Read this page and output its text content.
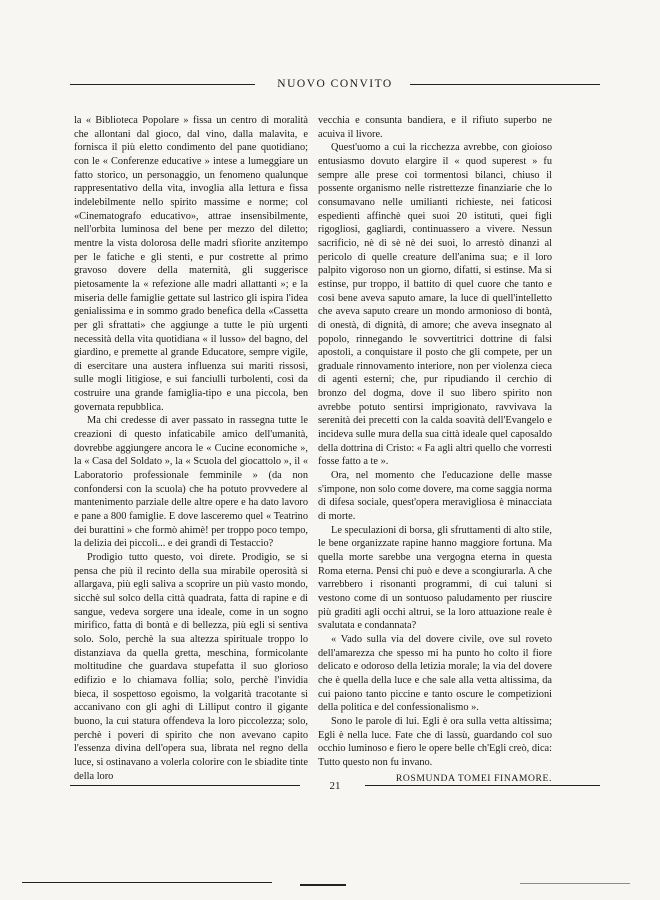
NUOVO CONVITO

la « Biblioteca Popolare » fissa un centro di moralità che allontani dal gioco, dal vino, dalla malavita, e fornisca il più eletto condimento del pane quotidiano; con le « Conferenze educative » intese a lumeggiare un fatto storico, un personaggio, un fenomeno qualunque rappresentativo della vita, invoglia alla lettura e fissa indelebilmente nello spirito massime e norme; col «Cinematografo educativo», attrae insensibilmente, nell'orbita luminosa del bene per mezzo del diletto; mentre la vista dolorosa delle madri sfiorite anzitempo per le fatiche e gli stenti, e pur costrette al primo gravoso dovere della maternità, gli suggerisce pietosamente la « refezione alle madri allattanti »; e la miseria delle famiglie gettate sul lastrico gli ispira l'idea genialissima e in sommo grado benefica della «Cassetta per gli sfrattati» che aggiunge a tutte le più urgenti necessità della vita quotidiana « il lusso» del bagno, del giardino, e premette al grande Educatore, sempre vigile, di esercitare una austera influenza sui mariti rissosi, sulle mogli litigiose, e sui fanciulli turbolenti, così da costruire una grande famiglia-tipo e una piccola, ben governata repubblica.

Ma chi credesse di aver passato in rassegna tutte le creazioni di questo infaticabile amico dell'umanità, dovrebbe aggiungere ancora le « Cucine economiche », la « Casa del Soldato », la « Scuola del giocattolo », il « Laboratorio professionale femminile » (da non confondersi con la scuola) che ha potuto provvedere al mantenimento parziale delle altre opere e ha dato lavoro e pane a 800 famiglie. E dove lasceremo quel « Teatrino dei burattini » che formò ahimè! per troppo poco tempo, la delizia dei piccoli... e dei grandi di Testaccio?

Prodigio tutto questo, voi direte. Prodigio, se si pensa che più il recinto della sua mirabile operosità si allargava, più egli saliva a scoprire un più vasto mondo, sicchè sul solco della città quadrata, fatta di rapine e di sangue, vedeva sorgere una ideale, come in un sogno mirifico, fatta di bontà e di bellezza, più egli si sentiva solo. Solo, perchè la sua altezza spirituale troppo lo distanziava da quella gretta, meschina, formicolante moltitudine che guardava stupefatta il suo glorioso edifizio e lo chiamava follia; solo, perchè l'invidia bieca, il sospettoso egoismo, la volgarità tracotante si accanivano con gli aghi di Lilliput contro il gigante buono, la cui statura offendeva la loro piccolezza; solo, perchè i poveri di spirito che non avevano capito l'essenza divina dell'opera sua, librata nel regno della luce, si ostinavano a volerla colorire con le sbiadite tinte della loro

vecchia e consunta bandiera, e il rifiuto superbo ne acuiva il livore.

Quest'uomo a cui la ricchezza avrebbe, con gioioso entusiasmo dovuto elargire il « quod superest » fu sempre alle prese coi tormentosi bilanci, chiuso il possente organismo nelle ristrettezze finanziarie che lo consumavano nelle umilianti richieste, nei faticosi espedienti affinchè quei suoi 20 istituti, quei figli rigogliosi, gagliardi, continuassero a vivere. Nessun sacrificio, nè di sè nè dei suoi, lo arrestò dinanzi al pericolo di quelle creature dell'anima sua; e il loro palpito vigoroso non un giorno, difatti, si estinse. Ma si estinse, pur troppo, il battito di quel cuore che tanto e così bene aveva saputo amare, la luce di quell'intelletto che aveva saputo creare un mondo armonioso di bontà, di onestà, di dignità, di amore; che aveva insegnato al popolo, rinnegando le sovvertitrici dottrine di falsi apostoli, a conquistare il posto che gli compete, per un graduale rinnovamento interiore, non per violenza cieca di agenti esterni; che, pur ripudiando il cerchio di bronzo del dogma, dove il suo libero spirito non avrebbe potuto sentirsi imprigionato, ravvivava la serenità dei precetti con la calda soavità dell'Evangelo e incideva sulle mura della sua città ideale quel caposaldo della dottrina di Cristo: « Fa agli altri quello che vorresti fosse fatto a te ».

Ora, nel momento che l'educazione delle masse s'impone, non solo come dovere, ma come saggia norma di difesa sociale, quest'opera meravigliosa è minacciata di morte.

Le speculazioni di borsa, gli sfruttamenti di alto stile, le bene organizzate rapine hanno maggiore fortuna. Ma quella morte sarebbe una vergogna eterna in questa Roma eterna. Pensi chi può e deve a scongiurarla. A che varrebbero i risonanti programmi, di cui taluni si vestono come di un sontuoso paludamento per riuscire più graditi agli occhi altrui, se la loro attuazione reale è svalutata e condannata?

« Vado sulla via del dovere civile, ove sul roveto dell'amarezza che spesso mi ha punto ho colto il fiore delicato e odoroso della letizia morale; la via del dovere che è quella della luce e che sale alla vetta altissima, da cui paiono tanto piccine e tanto oscure le competizioni della politica e del confessionalismo ».

Sono le parole di lui. Egli è ora sulla vetta altissima; Egli è nella luce. Fate che di lassù, guardando col suo occhio luminoso e fiero le opere belle ch'Egli creò, dica: Tutto questo non fu invano.

ROSMUNDA TOMEI FINAMORE.
21
